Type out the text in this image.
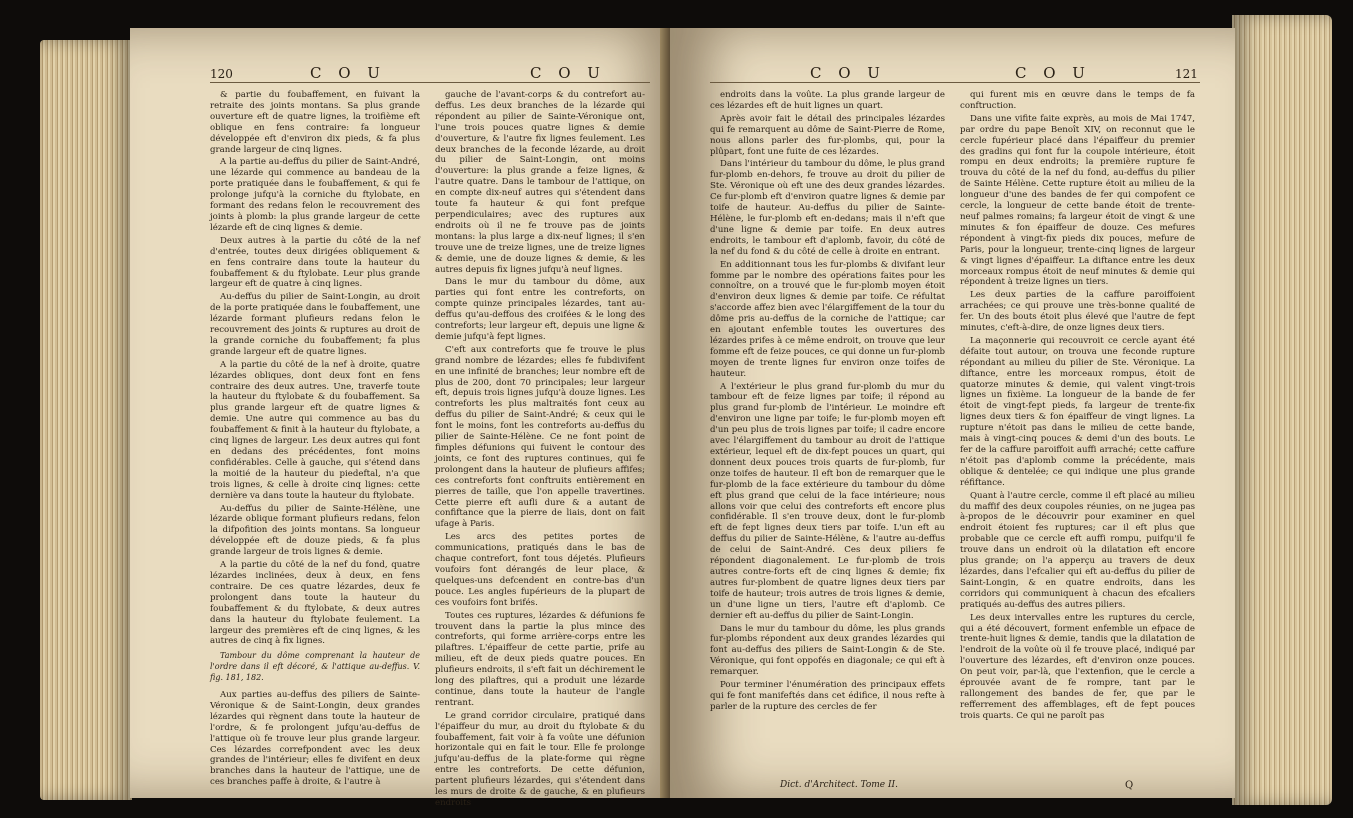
120	C O U	C O U

& partie du foubaffement, en fuivant la retraite des joints montans. Sa plus grande ouverture eft de quatre lignes, la troifième eft oblique en fens contraire: fa longueur développée eft d'environ dix pieds, & fa plus grande largeur de cinq lignes.

A la partie au-deffus du pilier de Saint-André, une lézarde qui commence au bandeau de la porte pratiquée dans le foubaffement, & qui fe prolonge jufqu'à la corniche du ftylobate, en formant des redans felon le recouvrement des joints à plomb: la plus grande largeur de cette lézarde eft de cinq lignes & demie.

Deux autres à la partie du côté de la nef d'entrée, toutes deux dirigées obliquement & en fens contraire dans toute la hauteur du foubaffement & du ftylobate. Leur plus grande largeur eft de quatre à cinq lignes.

Au-deffus du pilier de Saint-Longin, au droit de la porte pratiquée dans le foubaffement, une lézarde formant plufieurs redans felon le recouvrement des joints & ruptures au droit de la grande corniche du foubaffement; fa plus grande largeur eft de quatre lignes.

A la partie du côté de la nef à droite, quatre lézardes obliques, dont deux font en fens contraire des deux autres. Une, traverfe toute la hauteur du ftylobate & du foubaffement. Sa plus grande largeur eft de quatre lignes & demie. Une autre qui commence au bas du foubaffement & finit à la hauteur du ftylobate, a cinq lignes de largeur. Les deux autres qui font en dedans des précédentes, font moins confidérables. Celle à gauche, qui s'étend dans la moitié de la hauteur du piedeftal, n'a que trois lignes, & celle à droite cinq lignes: cette dernière va dans toute la hauteur du ftylobate.

Au-deffus du pilier de Sainte-Hélène, une lézarde oblique formant plufieurs redans, felon la difpofition des joints montans. Sa longueur développée eft de douze pieds, & fa plus grande largeur de trois lignes & demie.

A la partie du côté de la nef du fond, quatre lézardes inclinées, deux à deux, en fens contraire. De ces quatre lézardes, deux fe prolongent dans toute la hauteur du foubaffement & du ftylobate, & deux autres dans la hauteur du ftylobate feulement. La largeur des premières eft de cinq lignes, & les autres de cinq à fix lignes.

Tambour du dôme comprenant la hauteur de l'ordre dans il eft décoré, & l'attique au-deffus. V. fig. 181, 182.

Aux parties au-deffus des piliers de Sainte-Véronique & de Saint-Longin, deux grandes lézardes qui règnent dans toute la hauteur de l'ordre, & fe prolongent jufqu'au-deffus de l'attique où fe trouve leur plus grande largeur. Ces lézardes correfpondent avec les deux grandes de l'intérieur; elles fe divifent en deux branches dans la hauteur de l'attique, une de ces branches paffe à droite, & l'autre à

gauche de l'avant-corps & du contrefort au-deffus. Les deux branches de la lézarde qui répondent au pilier de Sainte-Véronique ont, l'une trois pouces quatre lignes & demie d'ouverture, & l'autre fix lignes feulement. Les deux branches de la feconde lézarde, au droit du pilier de Saint-Longin, ont moins d'ouverture: la plus grande a feize lignes, & l'autre quatre. Dans le tambour de l'attique, on en compte dix-neuf autres qui s'étendent dans toute fa hauteur & qui font prefque perpendiculaires; avec des ruptures aux endroits où il ne fe trouve pas de joints montans: la plus large a dix-neuf lignes; il s'en trouve une de treize lignes, une de treize lignes & demie, une de douze lignes & demie, & les autres depuis fix lignes jufqu'à neuf lignes.

Dans le mur du tambour du dôme, aux parties qui font entre les contreforts, on compte quinze principales lézardes, tant au-deffus qu'au-deffous des croifées & le long des contreforts; leur largeur eft, depuis une ligne & demie jufqu'à fept lignes.

C'eft aux contreforts que fe trouve le plus grand nombre de lézardes; elles fe fubdivifent en une infinité de branches; leur nombre eft de plus de 200, dont 70 principales; leur largeur eft, depuis trois lignes jufqu'à douze lignes. Les contreforts les plus maltraités font ceux au deffus du pilier de Saint-André; & ceux qui le font le moins, font les contreforts au-deffus du pilier de Sainte-Hélène. Ce ne font point de fimples défunions qui fuivent le contour des joints, ce font des ruptures continues, qui fe prolongent dans la hauteur de plufieurs affifes; ces contreforts font conftruits entièrement en pierres de taille, que l'on appelle travertines. Cette pierre eft aufli dure & a autant de confiftance que la pierre de liais, dont on fait ufage à Paris.

Les arcs des petites portes de communications, pratiqués dans le bas de chaque contrefort, font tous déjetés. Plufieurs voufoirs font dérangés de leur place, & quelques-uns defcendent en contre-bas d'un pouce. Les angles fupérieurs de la plupart de ces voufoirs font brifés.

Toutes ces ruptures, lézardes & défunions fe trouvent dans la partie la plus mince des contreforts, qui forme arrière-corps entre les pilaftres. L'épaiffeur de cette partie, prife au milieu, eft de deux pieds quatre pouces. En plufieurs endroits, il s'eft fait un déchirement le long des pilaftres, qui a produit une lézarde continue, dans toute la hauteur de l'angle rentrant.

Le grand corridor circulaire, pratiqué dans l'épaiffeur du mur, au droit du ftylobate & du foubaffement, fait voir à fa voûte une défunion horizontale qui en fait le tour. Elle fe prolonge jufqu'au-deffus de la plate-forme qui règne entre les contreforts. De cette défunion, partent plufieurs lézardes, qui s'étendent dans les murs de droite & de gauche, & en plufieurs endroits

C O U	C O U	121

endroits dans la voûte. La plus grande largeur de ces lézardes eft de huit lignes un quart.

Après avoir fait le détail des principales lézardes qui fe remarquent au dôme de Saint-Pierre de Rome, nous allons parler des fur-plombs, qui, pour la plûpart, font une fuite de ces lézardes.

Dans l'intérieur du tambour du dôme, le plus grand fur-plomb en-dehors, fe trouve au droit du pilier de Ste. Véronique où eft une des deux grandes lézardes. Ce fur-plomb eft d'environ quatre lignes & demie par toife de hauteur. Au-deffus du pilier de Sainte-Hélène, le fur-plomb eft en-dedans; mais il n'eft que d'une ligne & demie par toife. En deux autres endroits, le tambour eft d'aplomb, favoir, du côté de la nef du fond & du côté de celle à droite en entrant.

En additionnant tous les fur-plombs & divifant leur fomme par le nombre des opérations faites pour les connoître, on a trouvé que le fur-plomb moyen étoit d'environ deux lignes & demie par toife. Ce réfultat s'accorde affez bien avec l'élargiffement de la tour du dôme pris au-deffus de la corniche de l'attique; car en ajoutant enfemble toutes les ouvertures des lézardes prifes à ce même endroit, on trouve que leur fomme eft de feize pouces, ce qui donne un fur-plomb moyen de trente lignes fur environ onze toifes de hauteur.

A l'extérieur le plus grand fur-plomb du mur du tambour eft de feize lignes par toife; il répond au plus grand fur-plomb de l'intérieur. Le moindre eft d'environ une ligne par toife; le fur-plomb moyen eft d'un peu plus de trois lignes par toife; il cadre encore avec l'élargiffement du tambour au droit de l'attique extérieur, lequel eft de dix-fept pouces un quart, qui donnent deux pouces trois quarts de fur-plomb, fur onze toifes de hauteur. Il eft bon de remarquer que le fur-plomb de la face extérieure du tambour du dôme eft plus grand que celui de la face intérieure; nous allons voir que celui des contreforts eft encore plus confidérable. Il s'en trouve deux, dont le fur-plomb eft de fept lignes deux tiers par toife. L'un eft au deffus du pilier de Sainte-Hélène, & l'autre au-deffus de celui de Saint-André. Ces deux piliers fe répondent diagonalement. Le fur-plomb de trois autres contre-forts eft de cinq lignes & demie; fix autres fur-plombent de quatre lignes deux tiers par toife de hauteur; trois autres de trois lignes & demie, un d'une ligne un tiers, l'autre eft d'aplomb. Ce dernier eft au-deffus du pilier de Saint-Longin.

Dans le mur du tambour du dôme, les plus grands fur-plombs répondent aux deux grandes lézardes qui font au-deffus des piliers de Saint-Longin & de Ste. Véronique, qui font oppofés en diagonale; ce qui eft à remarquer.

Pour terminer l'énumération des principaux effets qui fe font manifeftés dans cet édifice, il nous refte à parler de la rupture des cercles de fer

qui furent mis en œuvre dans le temps de fa conftruction.

Dans une vifite faite exprès, au mois de Mai 1747, par ordre du pape Benoît XIV, on reconnut que le cercle fupérieur placé dans l'épaiffeur du premier des gradins qui font fur la coupole intérieure, étoit rompu en deux endroits; la première rupture fe trouva du côté de la nef du fond, au-deffus du pilier de Sainte Hélène. Cette rupture étoit au milieu de la longueur d'une des bandes de fer qui compofent ce cercle, la longueur de cette bande étoit de trente-neuf palmes romains; fa largeur étoit de vingt & une minutes & fon épaiffeur de douze. Ces mefures répondent à vingt-fix pieds dix pouces, mefure de Paris, pour la longueur, trente-cinq lignes de largeur & vingt lignes d'épaiffeur. La diftance entre les deux morceaux rompus étoit de neuf minutes & demie qui répondent à treize lignes un tiers.

Les deux parties de la caffure paroiffoient arrachées; ce qui prouve une très-bonne qualité de fer. Un des bouts étoit plus élevé que l'autre de fept minutes, c'eft-à-dire, de onze lignes deux tiers.

La maçonnerie qui recouvroit ce cercle ayant été défaite tout autour, on trouva une feconde rupture répondant au milieu du pilier de Ste. Véronique. La diftance, entre les morceaux rompus, étoit de quatorze minutes & demie, qui valent vingt-trois lignes un fixième. La longueur de la bande de fer étoit de vingt-fept pieds, fa largeur de trente-fix lignes deux tiers & fon épaiffeur de vingt lignes. La rupture n'étoit pas dans le milieu de cette bande, mais à vingt-cinq pouces & demi d'un des bouts. Le fer de la caffure paroiffoit auffi arraché; cette caffure n'étoit pas d'aplomb comme la précédente, mais oblique & dentelée; ce qui indique une plus grande réfiftance.

Quant à l'autre cercle, comme il eft placé au milieu du maffif des deux coupoles réunies, on ne jugea pas à-propos de le découvrir pour examiner en quel endroit étoient fes ruptures; car il eft plus que probable que ce cercle eft auffi rompu, puifqu'il fe trouve dans un endroit où la dilatation eft encore plus grande; on l'a apperçu au travers de deux lézardes, dans l'efcalier qui eft au-deffus du pilier de Saint-Longin, & en quatre endroits, dans les corridors qui communiquent à chacun des efcaliers pratiqués au-deffus des autres piliers.

Les deux intervalles entre les ruptures du cercle, qui a été découvert, forment enfemble un efpace de trente-huit lignes & demie, tandis que la dilatation de l'endroit de la voûte où il fe trouve placé, indiqué par l'ouverture des lézardes, eft d'environ onze pouces. On peut voir, par-là, que l'extenfion, que le cercle a éprouvée avant de fe rompre, tant par le rallongement des bandes de fer, que par le refferrement des affemblages, eft de fept pouces trois quarts. Ce qui ne paroît pas

Dict. d'Architect. Tome II.	Q
